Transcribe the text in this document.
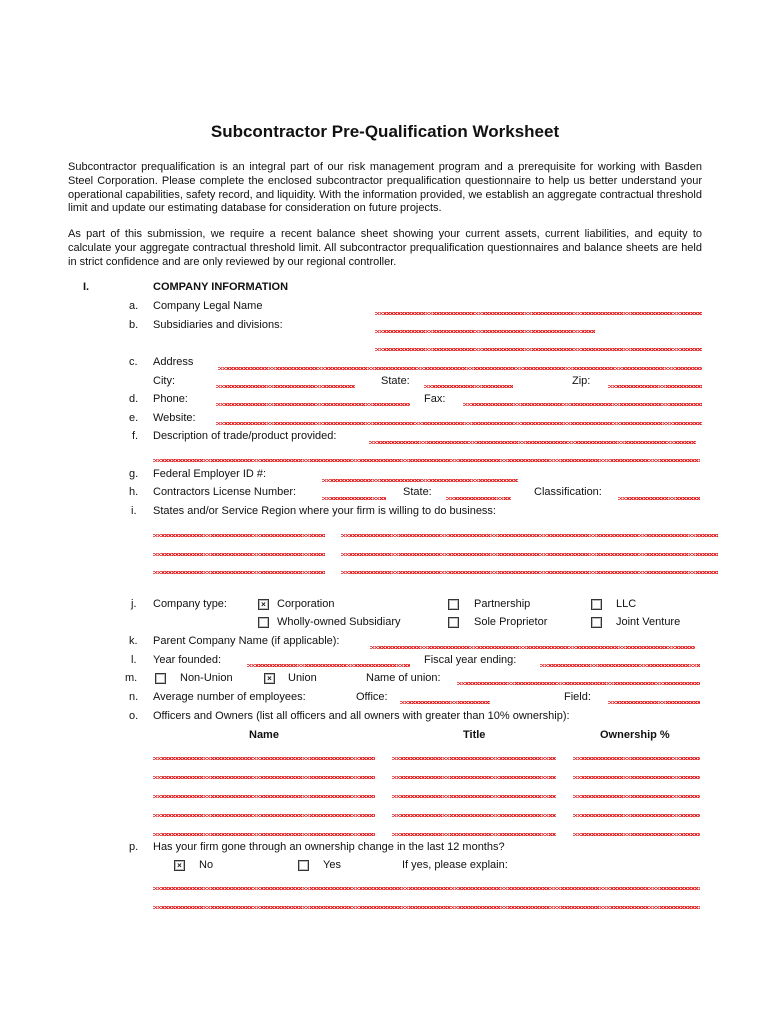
Subcontractor Pre-Qualification Worksheet
Subcontractor prequalification is an integral part of our risk management program and a prerequisite for working with Basden Steel Corporation. Please complete the enclosed subcontractor prequalification questionnaire to help us better understand your operational capabilities, safety record, and liquidity. With the information provided, we establish an aggregate contractual threshold limit and update our estimating database for consideration on future projects.
As part of this submission, we require a recent balance sheet showing your current assets, current liabilities, and equity to calculate your aggregate contractual threshold limit. All subcontractor prequalification questionnaires and balance sheets are held in strict confidence and are only reviewed by our regional controller.
I.	COMPANY INFORMATION
a. Company Legal Name
b. Subsidiaries and divisions:
c. Address
City:	State:	Zip:
d. Phone:	Fax:
e. Website:
f. Description of trade/product provided:
g. Federal Employer ID #:
h. Contractors License Number:	State:	Classification:
i. States and/or Service Region where your firm is willing to do business:
j. Company type:	Corporation	Partnership	LLC
Wholly-owned Subsidiary	Sole Proprietor	Joint Venture
k. Parent Company Name (if applicable):
l. Year founded:	Fiscal year ending:
m.	Non-Union	Union	Name of union:
n. Average number of employees:	Office:	Field:
o. Officers and Owners (list all officers and all owners with greater than 10% ownership):
p. Has your firm gone through an ownership change in the last 12 months?
No	Yes	If yes, please explain:
Name	Title	Ownership %
×
×
×
